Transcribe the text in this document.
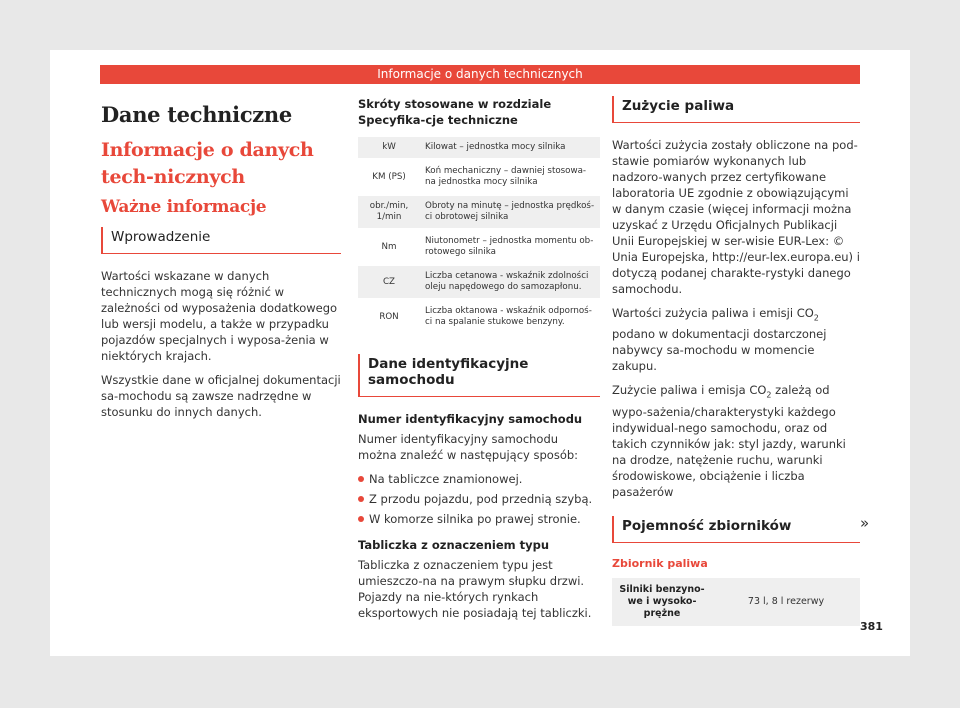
Informacje o danych technicznych
Dane techniczne
Informacje o danych tech-nicznych
Ważne informacje
Wprowadzenie

Wartości wskazane w danych technicznych mogą się różnić w zależności od wyposażenia dodatkowego lub wersji modelu, a także w przypadku pojazdów specjalnych i wyposa-żenia w niektórych krajach.

Wszystkie dane w oficjalnej dokumentacji sa-mochodu są zawsze nadrzędne w stosunku do innych danych.

Skróty stosowane w rozdziale Specyfika-cje techniczne

kW	Kilowat – jednostka mocy silnika
KM (PS)	Koń mechaniczny – dawniej stosowa-na jednostka mocy silnika
obr./min, 1/min	Obroty na minutę – jednostka prędkoś-ci obrotowej silnika
Nm	Niutonometr – jednostka momentu ob-rotowego silnika
CZ	Liczba cetanowa - wskaźnik zdolności oleju napędowego do samozapłonu.
RON	Liczba oktanowa - wskaźnik odpornoś-ci na spalanie stukowe benzyny.
Dane identyfikacyjne samochodu

Numer identyfikacyjny samochodu

Numer identyfikacyjny samochodu można znaleźć w następujący sposób:

Na tabliczce znamionowej.
Z przodu pojazdu, pod przednią szybą.
W komorze silnika po prawej stronie.

Tabliczka z oznaczeniem typu

Tabliczka z oznaczeniem typu jest umieszczo-na na prawym słupku drzwi. Pojazdy na nie-których rynkach eksportowych nie posiadają tej tabliczki.

Zużycie paliwa

Wartości zużycia zostały obliczone na pod-stawie pomiarów wykonanych lub nadzoro-wanych przez certyfikowane laboratoria UE zgodnie z obowiązującymi w danym czasie (więcej informacji można uzyskać z Urzędu Oficjalnych Publikacji Unii Europejskiej w ser-wisie EUR-Lex: © Unia Europejska, http://eur-lex.europa.eu) i dotyczą podanej charakte-rystyki danego samochodu.

Wartości zużycia paliwa i emisji $CO_2$ podano w dokumentacji dostarczonej nabywcy sa-mochodu w momencie zakupu.

Zużycie paliwa i emisja $CO_2$ zależą od wypo-sażenia/charakterystyki każdego indywidual-nego samochodu, oraz od takich czynników jak: styl jazdy, warunki na drodze, natężenie ruchu, warunki środowiskowe, obciążenie i liczba pasażerów

Pojemność zbiorników
Zbiornik paliwa
Silniki benzyno-we i wysoko-prężne	73 l, 8 l rezerwy
»
381
